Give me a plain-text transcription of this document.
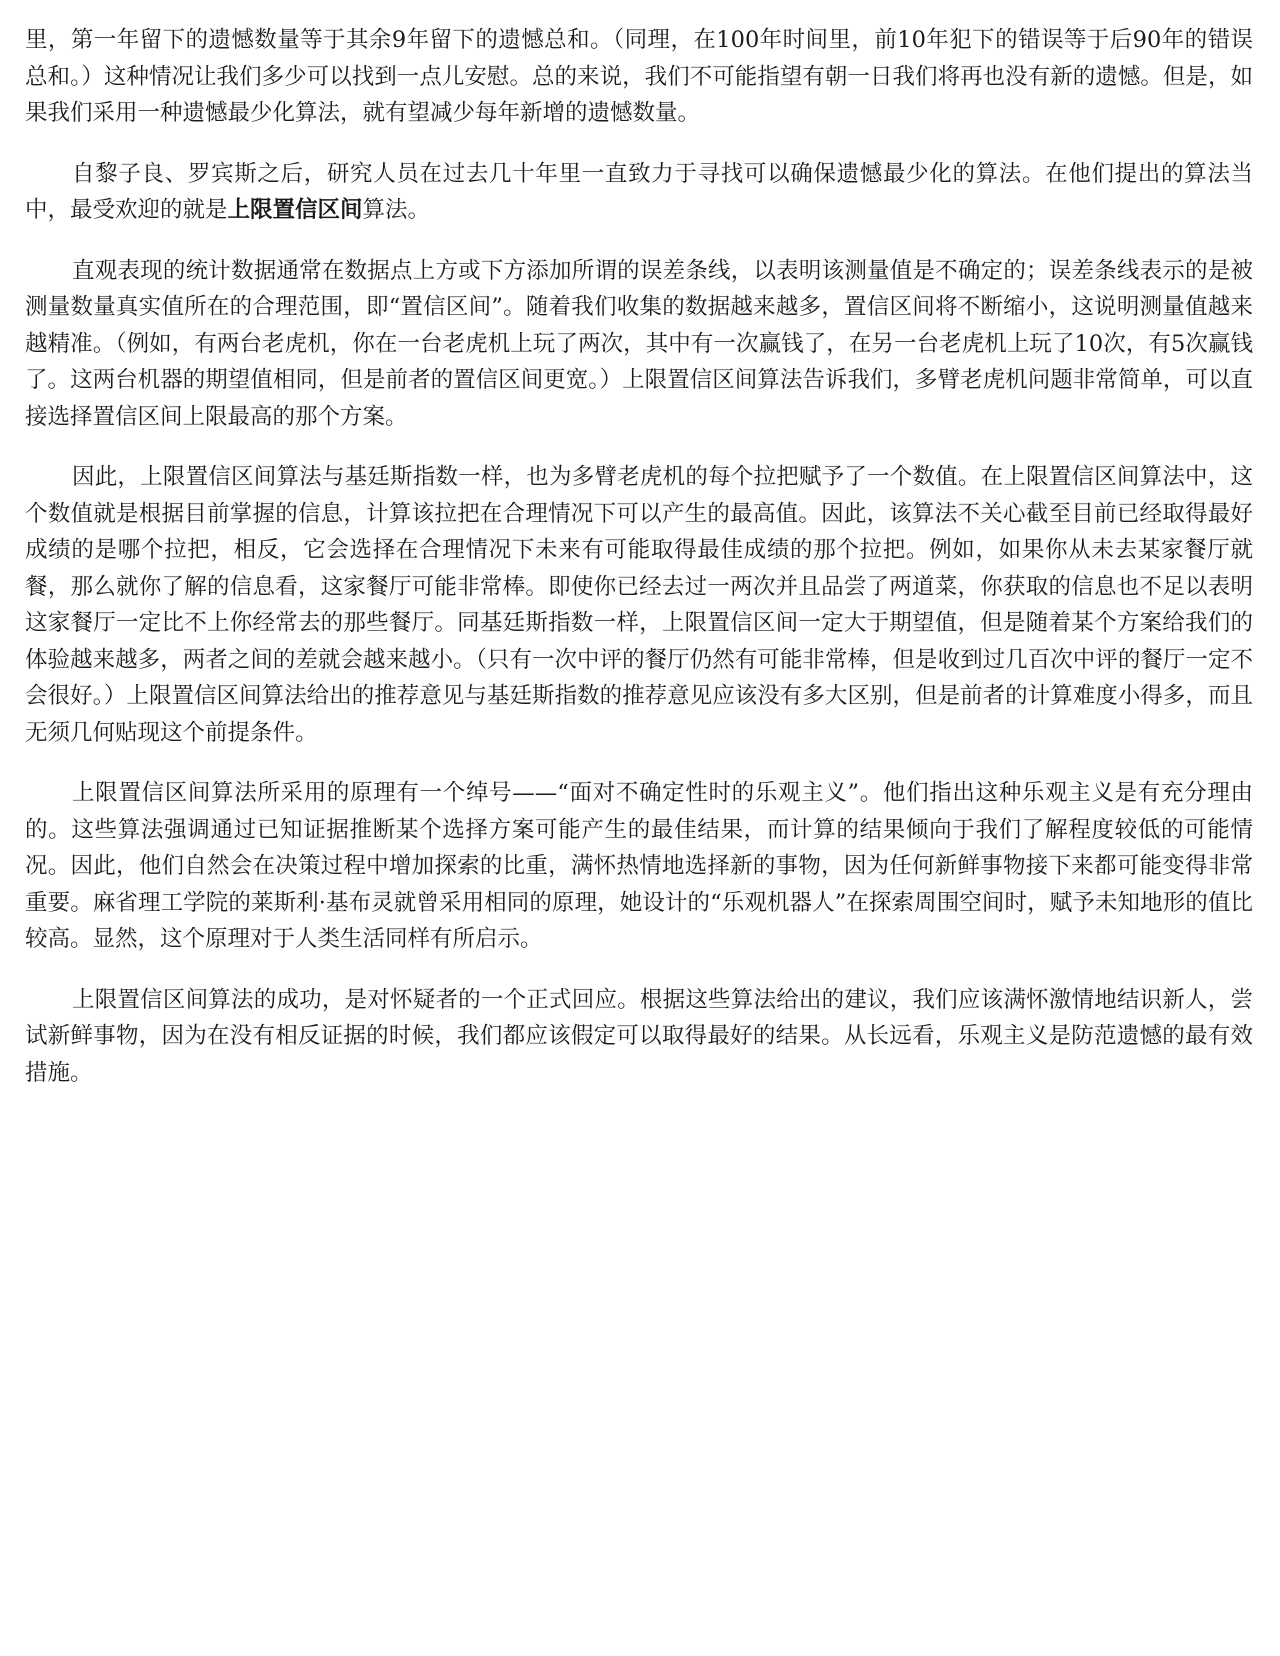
里，第一年留下的遗憾数量等于其余9年留下的遗憾总和。（同理，在100年时间里，前10年犯下的错误等于后90年的错误总和。）这种情况让我们多少可以找到一点儿安慰。总的来说，我们不可能指望有朝一日我们将再也没有新的遗憾。但是，如果我们采用一种遗憾最少化算法，就有望减少每年新增的遗憾数量。

自黎子良、罗宾斯之后，研究人员在过去几十年里一直致力于寻找可以确保遗憾最少化的算法。在他们提出的算法当中，最受欢迎的就是上限置信区间算法。

直观表现的统计数据通常在数据点上方或下方添加所谓的误差条线，以表明该测量值是不确定的；误差条线表示的是被测量数量真实值所在的合理范围，即“置信区间”。随着我们收集的数据越来越多，置信区间将不断缩小，这说明测量值越来越精准。（例如，有两台老虎机，你在一台老虎机上玩了两次，其中有一次赢钱了，在另一台老虎机上玩了10次，有5次赢钱了。这两台机器的期望值相同，但是前者的置信区间更宽。）上限置信区间算法告诉我们，多臂老虎机问题非常简单，可以直接选择置信区间上限最高的那个方案。

因此，上限置信区间算法与基廷斯指数一样，也为多臂老虎机的每个拉把赋予了一个数值。在上限置信区间算法中，这个数值就是根据目前掌握的信息，计算该拉把在合理情况下可以产生的最高值。因此，该算法不关心截至目前已经取得最好成绩的是哪个拉把，相反，它会选择在合理情况下未来有可能取得最佳成绩的那个拉把。例如，如果你从未去某家餐厅就餐，那么就你了解的信息看，这家餐厅可能非常棒。即使你已经去过一两次并且品尝了两道菜，你获取的信息也不足以表明这家餐厅一定比不上你经常去的那些餐厅。同基廷斯指数一样，上限置信区间一定大于期望值，但是随着某个方案给我们的体验越来越多，两者之间的差就会越来越小。（只有一次中评的餐厅仍然有可能非常棒，但是收到过几百次中评的餐厅一定不会很好。）上限置信区间算法给出的推荐意见与基廷斯指数的推荐意见应该没有多大区别，但是前者的计算难度小得多，而且无须几何贴现这个前提条件。

上限置信区间算法所采用的原理有一个绰号——“面对不确定性时的乐观主义”。他们指出这种乐观主义是有充分理由的。这些算法强调通过已知证据推断某个选择方案可能产生的最佳结果，而计算的结果倾向于我们了解程度较低的可能情况。因此，他们自然会在决策过程中增加探索的比重，满怀热情地选择新的事物，因为任何新鲜事物接下来都可能变得非常重要。麻省理工学院的莱斯利·基布灵就曾采用相同的原理，她设计的“乐观机器人”在探索周围空间时，赋予未知地形的值比较高。显然，这个原理对于人类生活同样有所启示。

上限置信区间算法的成功，是对怀疑者的一个正式回应。根据这些算法给出的建议，我们应该满怀激情地结识新人，尝试新鲜事物，因为在没有相反证据的时候，我们都应该假定可以取得最好的结果。从长远看，乐观主义是防范遗憾的最有效措施。
